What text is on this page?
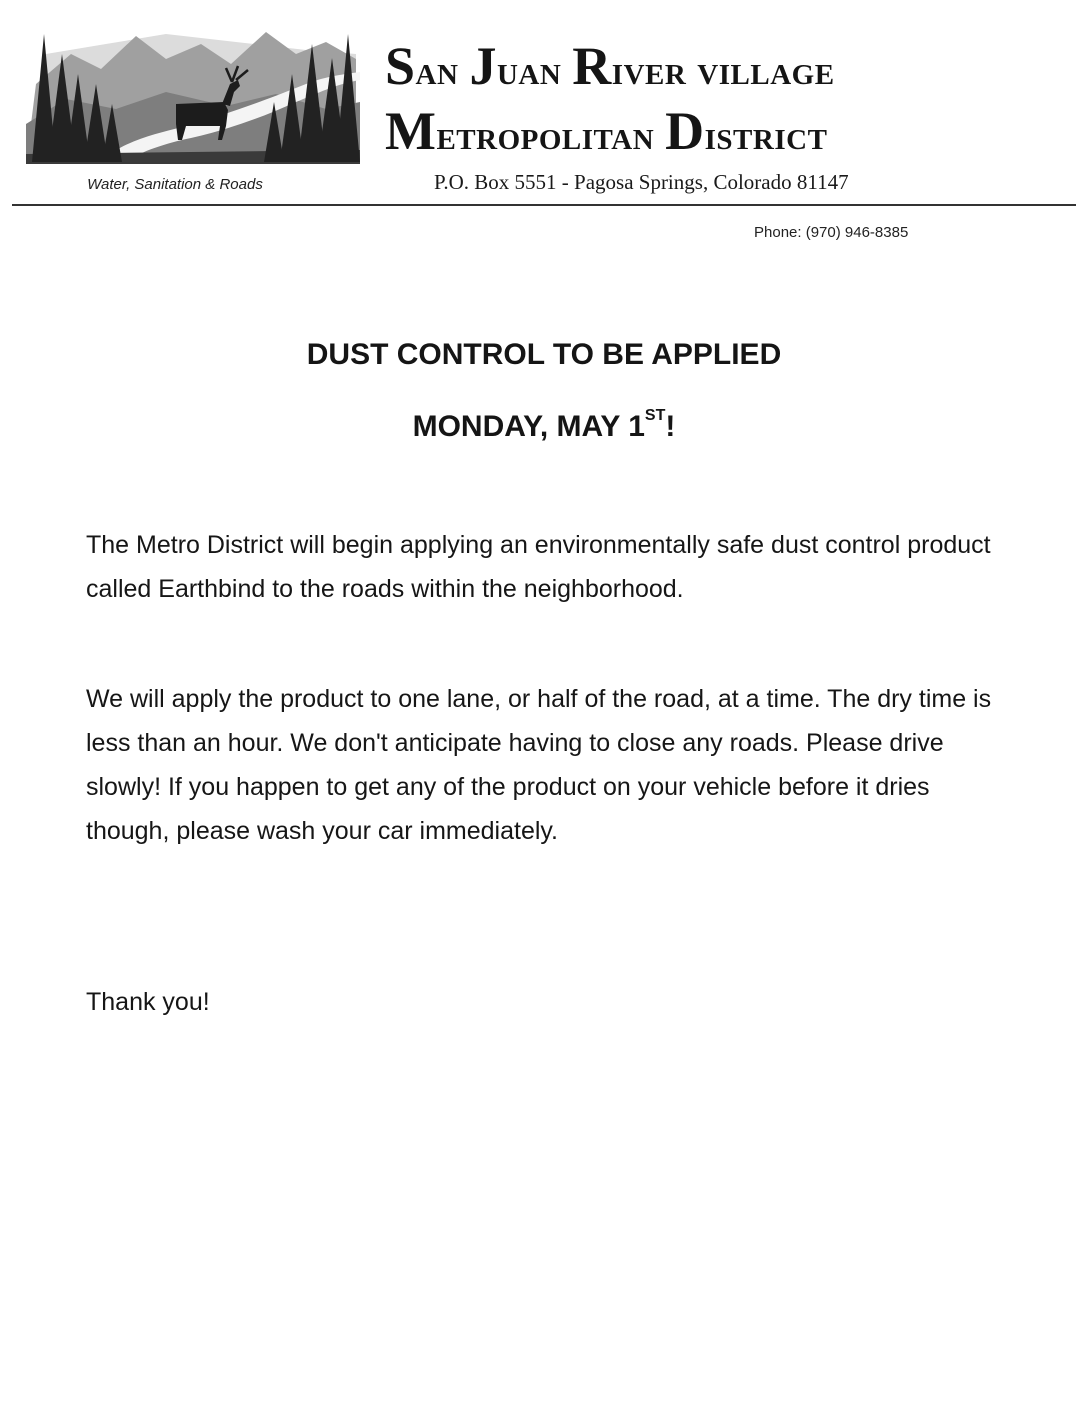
Water, Sanitation & Roads
San Juan River village
Metropolitan District
P.O. Box 5551 - Pagosa Springs, Colorado 81147
Phone: (970) 946-8385
DUST CONTROL TO BE APPLIED
MONDAY, MAY 1ST!
The Metro District will begin applying an environmentally safe dust control product called Earthbind to the roads within the neighborhood.
We will apply the product to one lane, or half of the road, at a time. The dry time is less than an hour. We don't anticipate having to close any roads. Please drive slowly! If you happen to get any of the product on your vehicle before it dries though, please wash your car immediately.
Thank you!
